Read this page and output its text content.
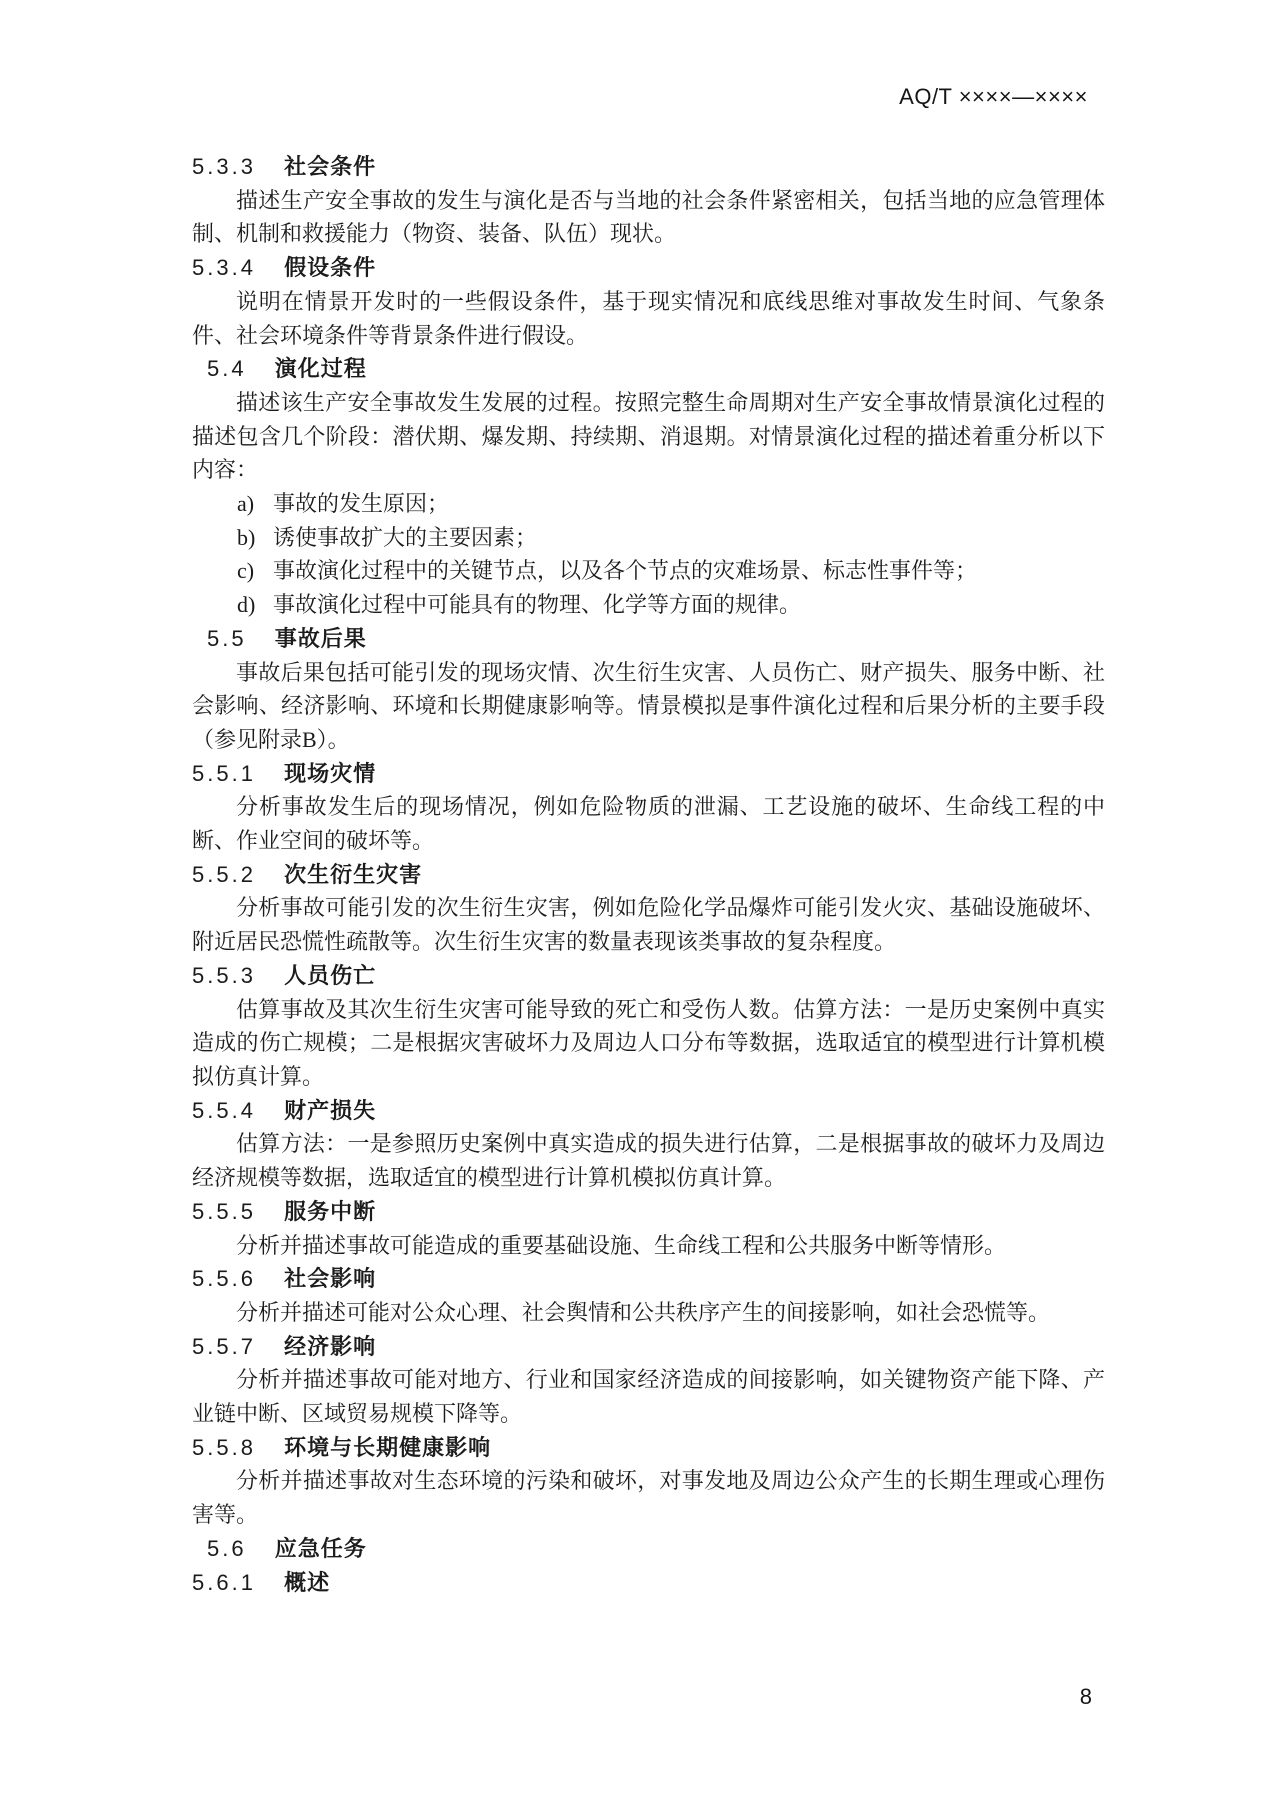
AQ/T ××××—××××
5.3.3 社会条件

描述生产安全事故的发生与演化是否与当地的社会条件紧密相关，包括当地的应急管理体制、机制和救援能力（物资、装备、队伍）现状。

5.3.4 假设条件

说明在情景开发时的一些假设条件，基于现实情况和底线思维对事故发生时间、气象条件、社会环境条件等背景条件进行假设。

5.4 演化过程

描述该生产安全事故发生发展的过程。按照完整生命周期对生产安全事故情景演化过程的描述包含几个阶段：潜伏期、爆发期、持续期、消退期。对情景演化过程的描述着重分析以下内容：

a) 事故的发生原因；
b) 诱使事故扩大的主要因素；
c) 事故演化过程中的关键节点，以及各个节点的灾难场景、标志性事件等；
d) 事故演化过程中可能具有的物理、化学等方面的规律。
5.5 事故后果

事故后果包括可能引发的现场灾情、次生衍生灾害、人员伤亡、财产损失、服务中断、社会影响、经济影响、环境和长期健康影响等。情景模拟是事件演化过程和后果分析的主要手段（参见附录B）。

5.5.1 现场灾情

分析事故发生后的现场情况，例如危险物质的泄漏、工艺设施的破坏、生命线工程的中断、作业空间的破坏等。

5.5.2 次生衍生灾害

分析事故可能引发的次生衍生灾害，例如危险化学品爆炸可能引发火灾、基础设施破坏、附近居民恐慌性疏散等。次生衍生灾害的数量表现该类事故的复杂程度。

5.5.3 人员伤亡

估算事故及其次生衍生灾害可能导致的死亡和受伤人数。估算方法：一是历史案例中真实造成的伤亡规模；二是根据灾害破坏力及周边人口分布等数据，选取适宜的模型进行计算机模拟仿真计算。

5.5.4 财产损失

估算方法：一是参照历史案例中真实造成的损失进行估算，二是根据事故的破坏力及周边经济规模等数据，选取适宜的模型进行计算机模拟仿真计算。

5.5.5 服务中断

分析并描述事故可能造成的重要基础设施、生命线工程和公共服务中断等情形。

5.5.6 社会影响

分析并描述可能对公众心理、社会舆情和公共秩序产生的间接影响，如社会恐慌等。

5.5.7 经济影响

分析并描述事故可能对地方、行业和国家经济造成的间接影响，如关键物资产能下降、产业链中断、区域贸易规模下降等。

5.5.8 环境与长期健康影响

分析并描述事故对生态环境的污染和破坏，对事发地及周边公众产生的长期生理或心理伤害等。

5.6 应急任务
5.6.1 概述
8
